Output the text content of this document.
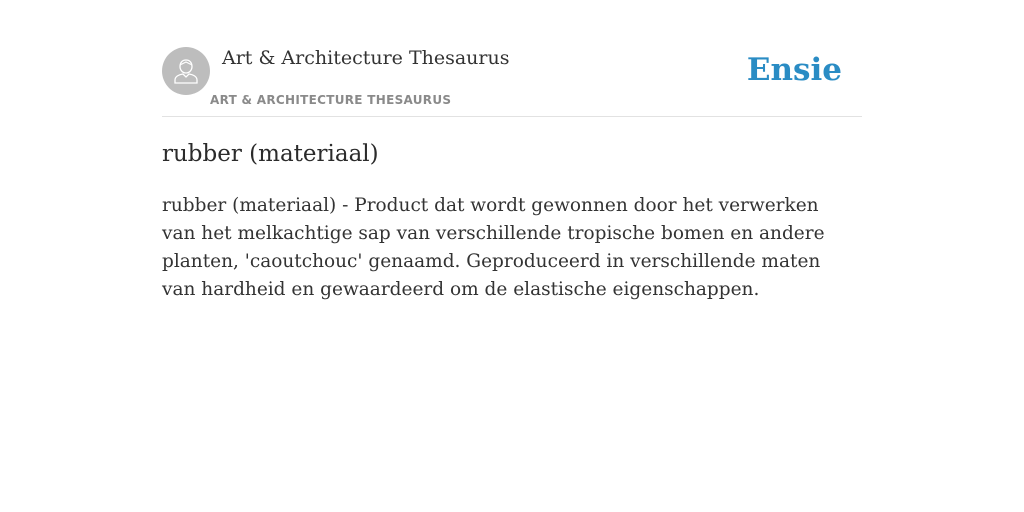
Art & Architecture Thesaurus
ART & ARCHITECTURE THESAURUS
Ensie
rubber (materiaal)

rubber (materiaal) - Product dat wordt gewonnen door het verwerken van het melkachtige sap van verschillende tropische bomen en andere planten, 'caoutchouc' genaamd. Geproduceerd in verschillende maten van hardheid en gewaardeerd om de elastische eigenschappen.
